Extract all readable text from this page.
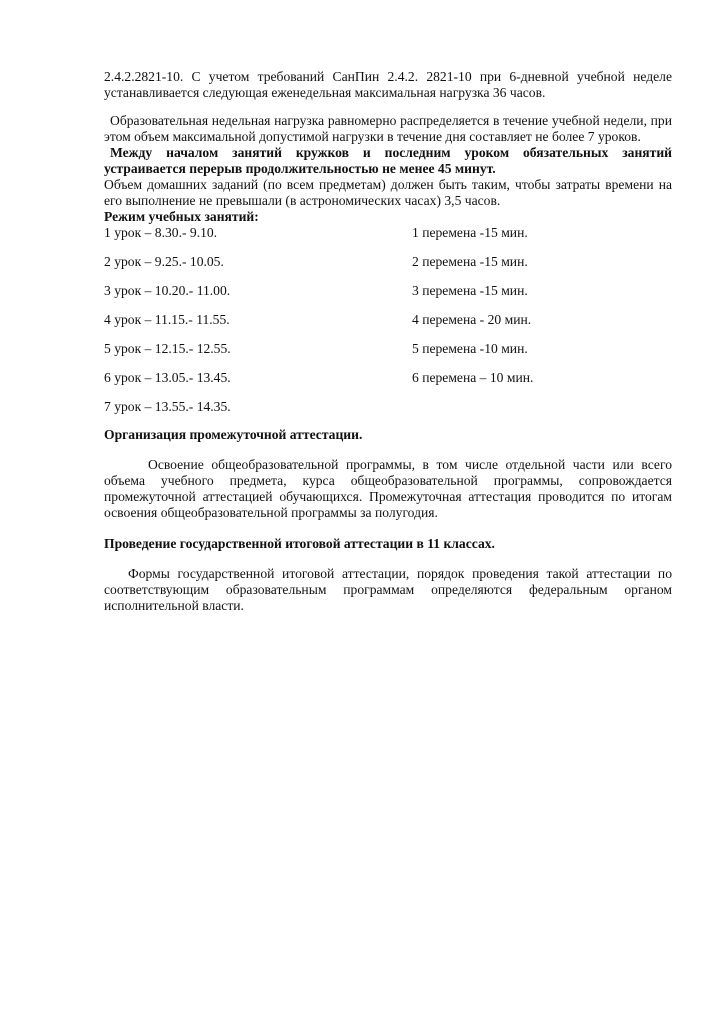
2.4.2.2821-10. С учетом требований СанПин 2.4.2. 2821-10 при 6-дневной учебной неделе устанавливается следующая еженедельная максимальная нагрузка 36 часов.

Образовательная недельная нагрузка равномерно распределяется в течение учебной недели, при этом объем максимальной допустимой нагрузки в течение дня составляет не более 7 уроков.

Между началом занятий кружков и последним уроком обязательных занятий устраивается перерыв продолжительностью не менее 45 минут.

Объем домашних заданий (по всем предметам) должен быть таким, чтобы затраты времени на его выполнение не превышали (в астрономических часах) 3,5 часов.

Режим учебных занятий:

1 урок – 8.30.- 9.10.	1 перемена -15 мин.
2 урок – 9.25.- 10.05.	2 перемена -15 мин.
3 урок – 10.20.- 11.00.	3 перемена -15 мин.
4 урок – 11.15.- 11.55.	4 перемена - 20 мин.
5 урок – 12.15.- 12.55.	5 перемена -10 мин.
6 урок – 13.05.- 13.45.	6 перемена – 10 мин.
7 урок – 13.55.- 14.35.

Организация промежуточной аттестации.

Освоение общеобразовательной программы, в том числе отдельной части или всего объема учебного предмета, курса общеобразовательной программы, сопровождается промежуточной аттестацией обучающихся. Промежуточная аттестация проводится по итогам освоения общеобразовательной программы за полугодия.

Проведение государственной итоговой аттестации в 11 классах.

Формы государственной итоговой аттестации, порядок проведения такой аттестации по соответствующим образовательным программам определяются федеральным органом исполнительной власти.
